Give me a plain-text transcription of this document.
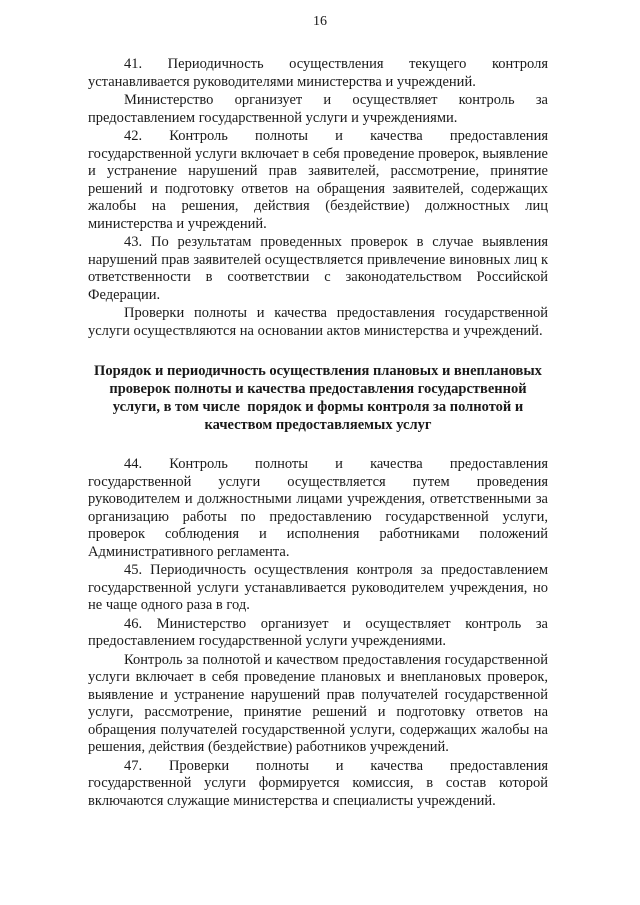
16

41.   Периодичность   осуществления   текущего   контроля устанавливается руководителями министерства и учреждений.

Министерство организует и осуществляет контроль за предоставлением государственной услуги и учреждениями.

42.   Контроль   полноты   и   качества   предоставления государственной услуги включает в себя проведение проверок, выявление и устранение нарушений прав заявителей, рассмотрение, принятие решений и подготовку ответов на обращения заявителей, содержащих жалобы на решения, действия (бездействие) должностных лиц министерства и учреждений.

43. По результатам проведенных проверок в случае выявления нарушений прав заявителей осуществляется привлечение виновных лиц к ответственности в соответствии с законодательством Российской Федерации.

Проверки полноты и качества предоставления государственной услуги осуществляются на основании актов министерства и учреждений.

Порядок и периодичность осуществления плановых и внеплановых проверок полноты и качества предоставления государственной услуги, в том числе  порядок и формы контроля за полнотой и качеством предоставляемых услуг

44.   Контроль   полноты   и   качества   предоставления государственной услуги осуществляется путем проведения руководителем и должностными лицами учреждения, ответственными за организацию работы по предоставлению государственной услуги, проверок соблюдения и исполнения работниками положений Административного регламента.

45. Периодичность осуществления контроля за предоставлением государственной услуги устанавливается руководителем учреждения, но не чаще одного раза в год.

46. Министерство организует и осуществляет контроль за предоставлением государственной услуги учреждениями.

Контроль за полнотой и качеством предоставления государственной услуги включает в себя проведение плановых и внеплановых проверок, выявление и устранение нарушений прав получателей государственной услуги, рассмотрение, принятие решений и подготовку ответов на обращения получателей государственной услуги, содержащих жалобы на решения, действия (бездействие) работников учреждений.

47.   Проверки   полноты   и   качества   предоставления государственной услуги формируется комиссия, в состав которой включаются служащие министерства и специалисты учреждений.
